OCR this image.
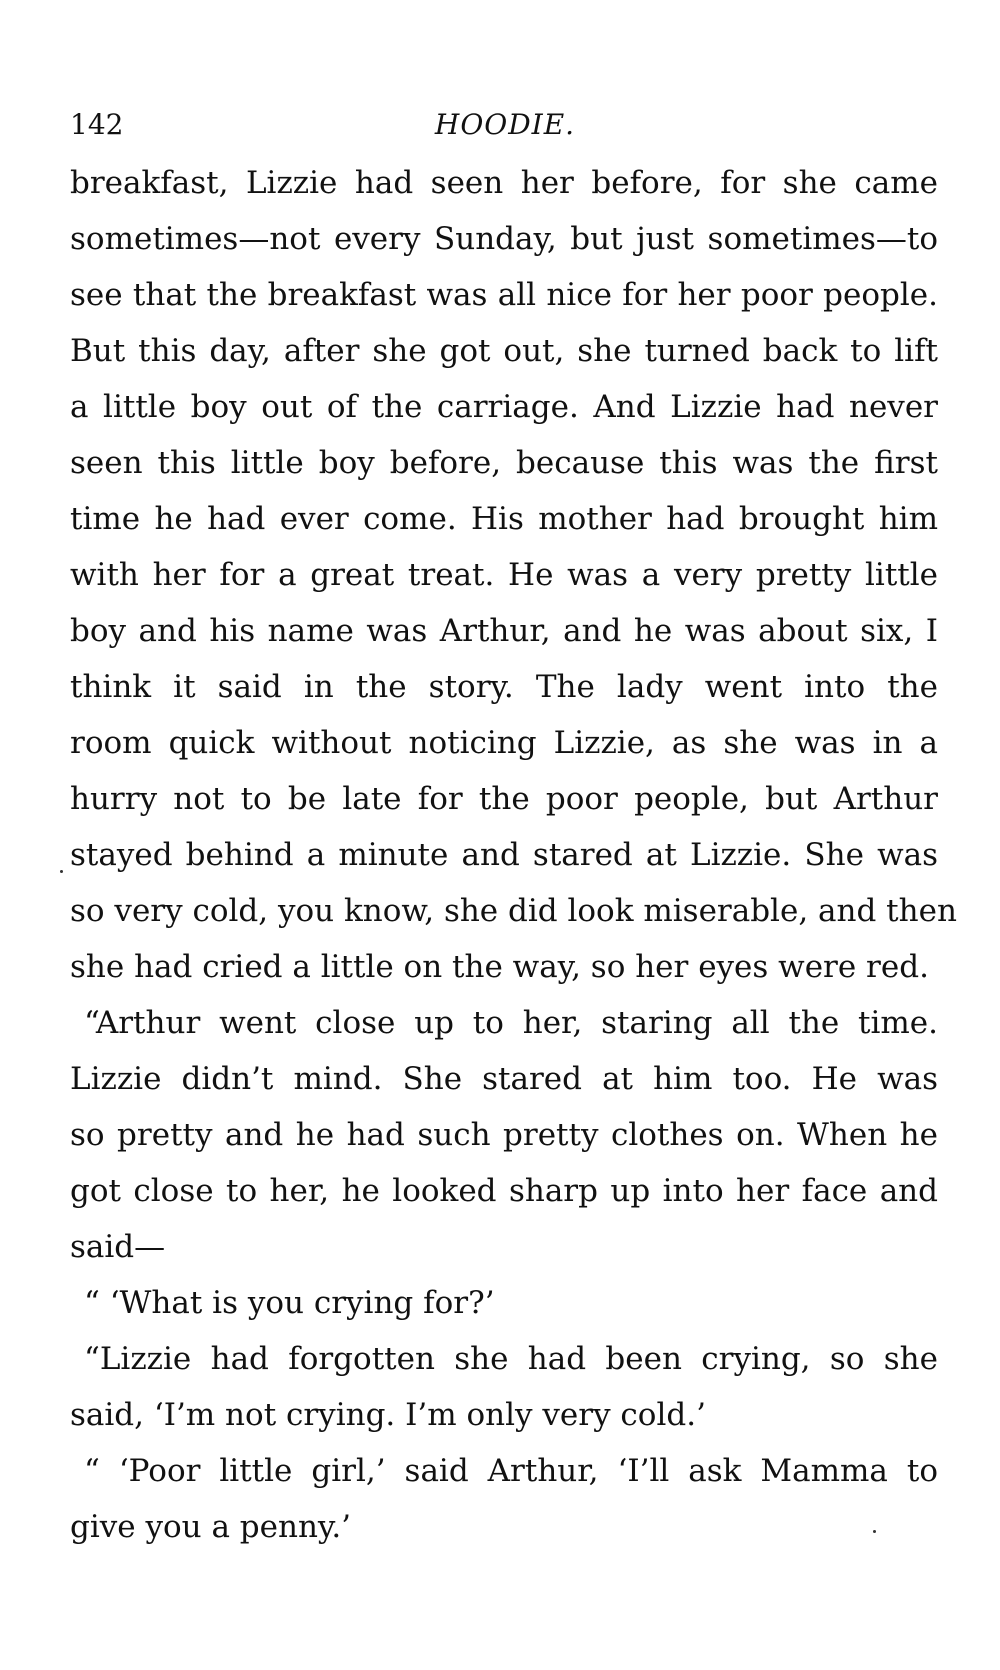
142	HOODIE.
breakfast, Lizzie had seen her before, for she came
sometimes—not every Sunday, but just sometimes—to
see that the breakfast was all nice for her poor people.
But this day, after she got out, she turned back to lift
a little boy out of the carriage. And Lizzie had never
seen this little boy before, because this was the first
time he had ever come. His mother had brought him
with her for a great treat. He was a very pretty little
boy and his name was Arthur, and he was about six, I
think it said in the story. The lady went into the
room quick without noticing Lizzie, as she was in a
hurry not to be late for the poor people, but Arthur
stayed behind a minute and stared at Lizzie. She was
so very cold, you know, she did look miserable, and then
she had cried a little on the way, so her eyes were red.
“Arthur went close up to her, staring all the time.
Lizzie didn’t mind. She stared at him too. He was
so pretty and he had such pretty clothes on. When he
got close to her, he looked sharp up into her face and
said—
“ ‘What is you crying for?’
“Lizzie had forgotten she had been crying, so she
said, ‘I’m not crying. I’m only very cold.’
“ ‘Poor little girl,’ said Arthur, ‘I’ll ask Mamma to
give you a penny.’
